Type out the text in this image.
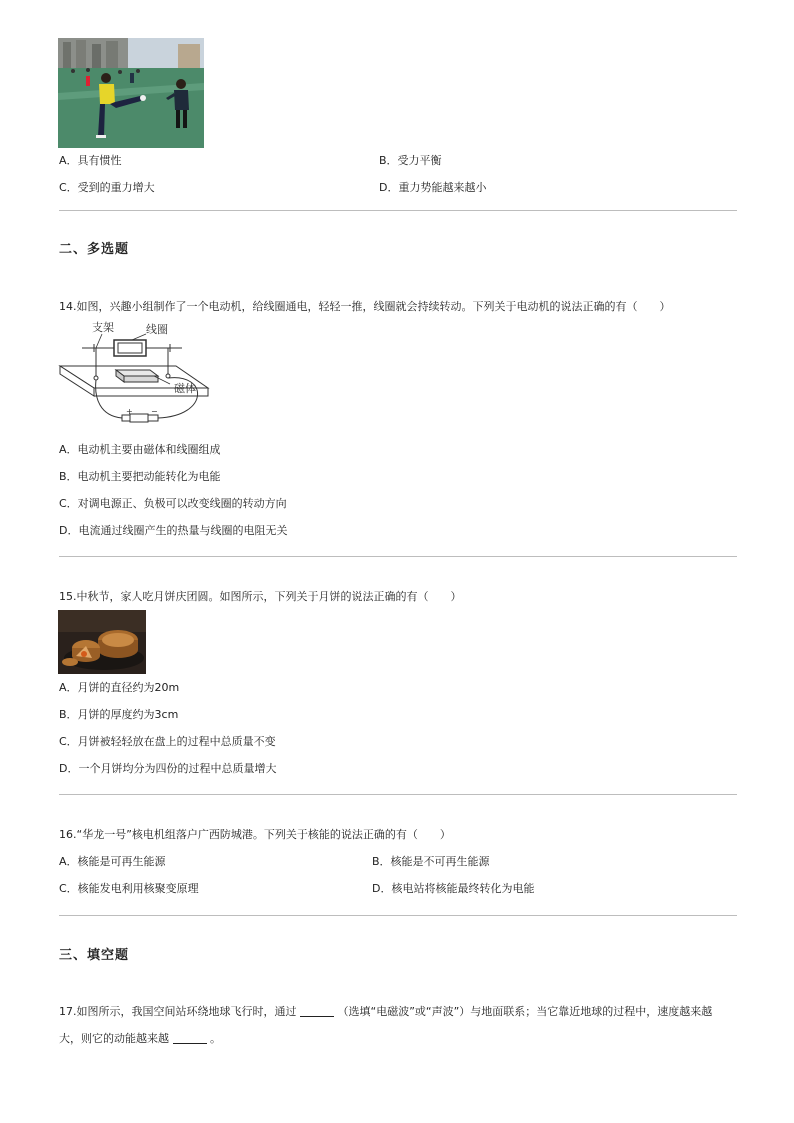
A．具有惯性	B．受力平衡
C．受到的重力增大	D．重力势能越来越小
二、多选题
14.如图，兴趣小组制作了一个电动机，给线圈通电，轻轻一推，线圈就会持续转动。下列关于电动机的说法正确的有（　　）
支架	线圈
磁体
+ −
A．电动机主要由磁体和线圈组成
B．电动机主要把动能转化为电能
C．对调电源正、负极可以改变线圈的转动方向
D．电流通过线圈产生的热量与线圈的电阻无关
15.中秋节，家人吃月饼庆团圆。如图所示，下列关于月饼的说法正确的有（　　）
A．月饼的直径约为20m
B．月饼的厚度约为3cm
C．月饼被轻轻放在盘上的过程中总质量不变
D．一个月饼均分为四份的过程中总质量增大
16.“华龙一号”核电机组落户广西防城港。下列关于核能的说法正确的有（　　）
A．核能是可再生能源	B．核能是不可再生能源
C．核能发电利用核聚变原理	D．核电站将核能最终转化为电能
三、填空题
17.如图所示，我国空间站环绕地球飞行时，通过	（选填“电磁波”或“声波”）与地面联系；当它靠近地球的过程中，速度越来越
大，则它的动能越来越	。
